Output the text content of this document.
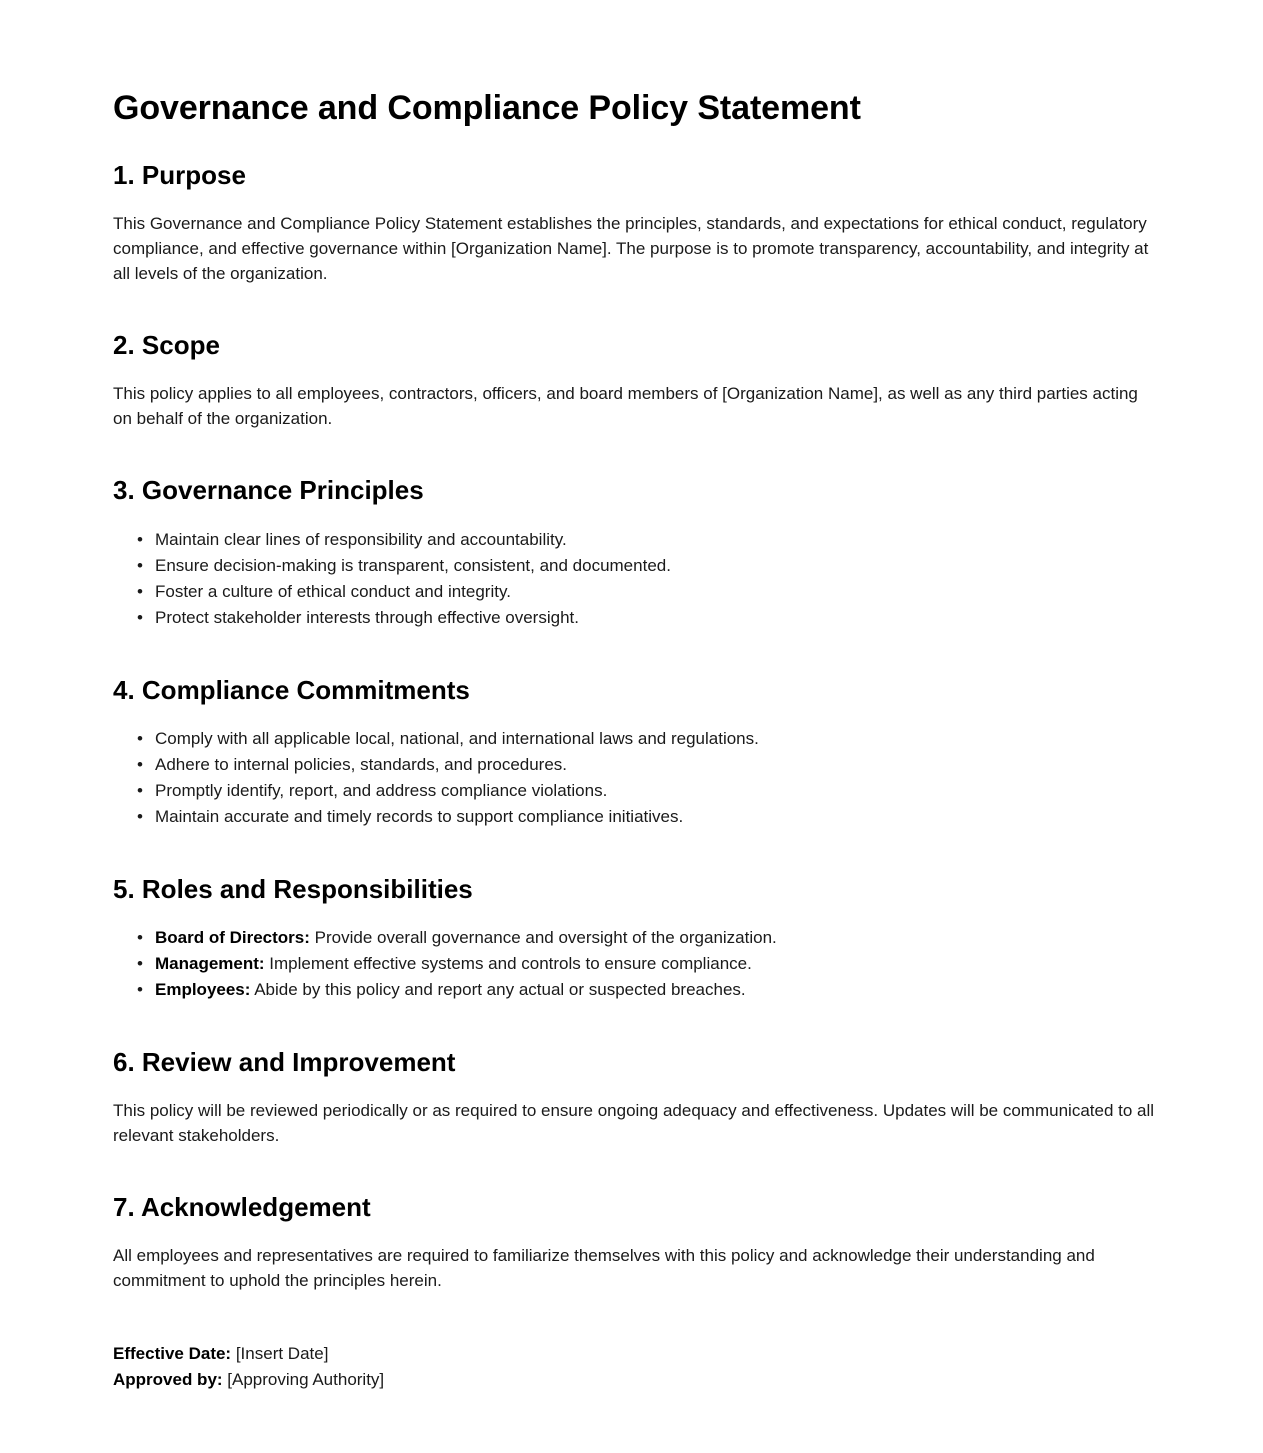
Governance and Compliance Policy Statement
1. Purpose

This Governance and Compliance Policy Statement establishes the principles, standards, and expectations for ethical conduct, regulatory compliance, and effective governance within [Organization Name]. The purpose is to promote transparency, accountability, and integrity at all levels of the organization.

2. Scope

This policy applies to all employees, contractors, officers, and board members of [Organization Name], as well as any third parties acting on behalf of the organization.

3. Governance Principles
• Maintain clear lines of responsibility and accountability.
• Ensure decision-making is transparent, consistent, and documented.
• Foster a culture of ethical conduct and integrity.
• Protect stakeholder interests through effective oversight.
4. Compliance Commitments
• Comply with all applicable local, national, and international laws and regulations.
• Adhere to internal policies, standards, and procedures.
• Promptly identify, report, and address compliance violations.
• Maintain accurate and timely records to support compliance initiatives.
5. Roles and Responsibilities
• Board of Directors: Provide overall governance and oversight of the organization.
• Management: Implement effective systems and controls to ensure compliance.
• Employees: Abide by this policy and report any actual or suspected breaches.
6. Review and Improvement

This policy will be reviewed periodically or as required to ensure ongoing adequacy and effectiveness. Updates will be communicated to all relevant stakeholders.

7. Acknowledgement

All employees and representatives are required to familiarize themselves with this policy and acknowledge their understanding and commitment to uphold the principles herein.

Effective Date: [Insert Date]
Approved by: [Approving Authority]
